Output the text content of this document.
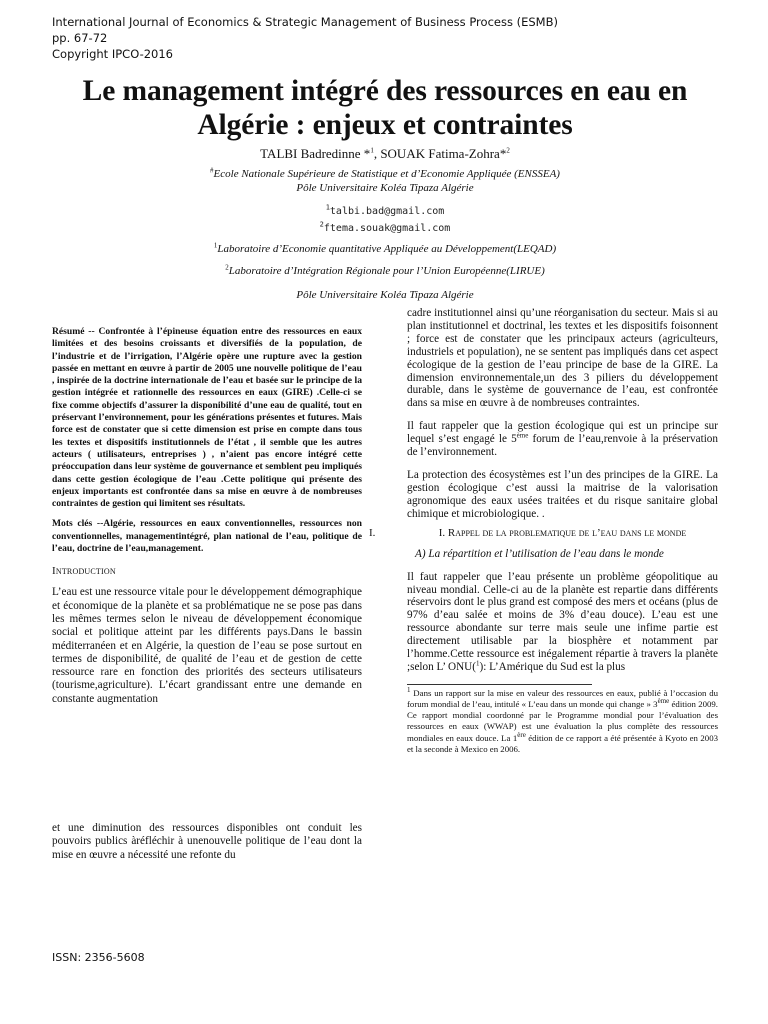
International Journal of Economics & Strategic Management of Business Process (ESMB)
pp. 67-72
Copyright IPCO-2016
Le management intégré des ressources en eau en
Algérie : enjeux et contraintes
TALBI Badredinne *$^1$, SOUAK Fatima-Zohra*$^2$
#Ecole Nationale Supérieure de Statistique et d’Economie Appliquée (ENSSEA)
Pôle Universitaire Koléa Tipaza Algérie
$^1$talbi.bad@gmail.com
$^2$ftema.souak@gmail.com
$^1$Laboratoire d’Economie quantitative Appliquée au Développement(LEQAD)
$^2$Laboratoire d’Intégration Régionale pour l’Union Européenne(LIRUE)
Pôle Universitaire Koléa Tipaza Algérie

Résumé -- Confrontée à l’épineuse équation entre des ressources en eaux limitées et des besoins croissants et diversifiés de la population, de l’industrie et de l’irrigation, l’Algérie opère une rupture avec la gestion passée en mettant en œuvre à partir de 2005 une nouvelle politique de l’eau , inspirée de la doctrine internationale de l’eau et basée sur le principe de la gestion intégrée et rationnelle des ressources en eaux (GIRE) .Celle-ci se fixe comme objectifs d’assurer la disponibilité d’une eau de qualité, tout en préservant l’environnement, pour les générations présentes et futures. Mais force est de constater que si cette dimension est prise en compte dans tous les textes et dispositifs institutionnels de l’état , il semble que les autres acteurs ( utilisateurs, entreprises ) , n’aient pas encore intégré cette préoccupation dans leur système de gouvernance et semblent peu impliqués dans cette gestion écologique de l’eau .Cette politique qui présente des enjeux importants est confrontée dans sa mise en œuvre à de nombreuses contraintes de gestion qui limitent ses résultats.

Mots clés --Algérie, ressources en eaux conventionnelles, ressources non conventionnelles, managementintégré, plan national de l’eau, politique de l’eau, doctrine de l’eau,management.

Introduction

L’eau est une ressource vitale pour le développement démographique et économique de la planète et sa problématique ne se pose pas dans les mêmes termes selon le niveau de développement économique social et politique atteint par les différents pays.Dans le bassin méditerranéen et en Algérie, la question de l’eau se pose surtout en termes de disponibilité, de qualité de l’eau et de gestion de cette ressource rare en fonction des priorités des secteurs utilisateurs (tourisme,agriculture). L’écart grandissant entre une demande en constante augmentation

et une diminution des ressources disponibles ont conduit les pouvoirs publics àréfléchir à unenouvelle politique de l’eau dont la mise en œuvre a nécessité une refonte du

cadre institutionnel ainsi qu’une réorganisation du secteur. Mais si au plan institutionnel et doctrinal, les textes et les dispositifs foisonnent ; force est de constater que les principaux acteurs (agriculteurs, industriels et population), ne se sentent pas impliqués dans cet aspect écologique de la gestion de l’eau principe de base de la GIRE. La dimension environnementale,un des 3 piliers du développement durable, dans le système de gouvernance de l’eau, est confrontée dans sa mise en œuvre à de nombreuses contraintes.

Il faut rappeler que la gestion écologique qui est un principe sur lequel s’est engagé le 5ème forum de l’eau,renvoie à la préservation de l’environnement.

La protection des écosystèmes est l’un des principes de la GIRE. La gestion écologique c’est aussi la maitrise de la valorisation agronomique des eaux usées traitées et du risque sanitaire global chimique et microbiologique. .

I.	I. Rappel de la problematique de l’eau dans le monde
A) La répartition et l’utilisation de l’eau dans le monde

Il faut rappeler que l’eau présente un problème géopolitique au niveau mondial. Celle-ci au de la planète est repartie dans différents réservoirs dont le plus grand est composé des mers et océans (plus de 97% d’eau salée et moins de 3% d’eau douce). L’eau est une ressource abondante sur terre mais seule une infime partie est directement utilisable par la biosphère et notamment par l’homme.Cette ressource est inégalement répartie à travers la planète ;selon L’ ONU($^1$): L’Amérique du Sud est la plus

$^1$ Dans un rapport sur la mise en valeur des ressources en eaux, publié à l’occasion du forum mondial de l’eau, intitulé « L’eau dans un monde qui change » 3ème édition 2009. Ce rapport mondial coordonné par le Programme mondial pour l’évaluation des ressources en eaux (WWAP) est une évaluation la plus complète des ressources mondiales en eaux douce. La 1ère édition de ce rapport a été présentée à Kyoto en 2003 et la seconde à Mexico en 2006.

ISSN: 2356-5608
